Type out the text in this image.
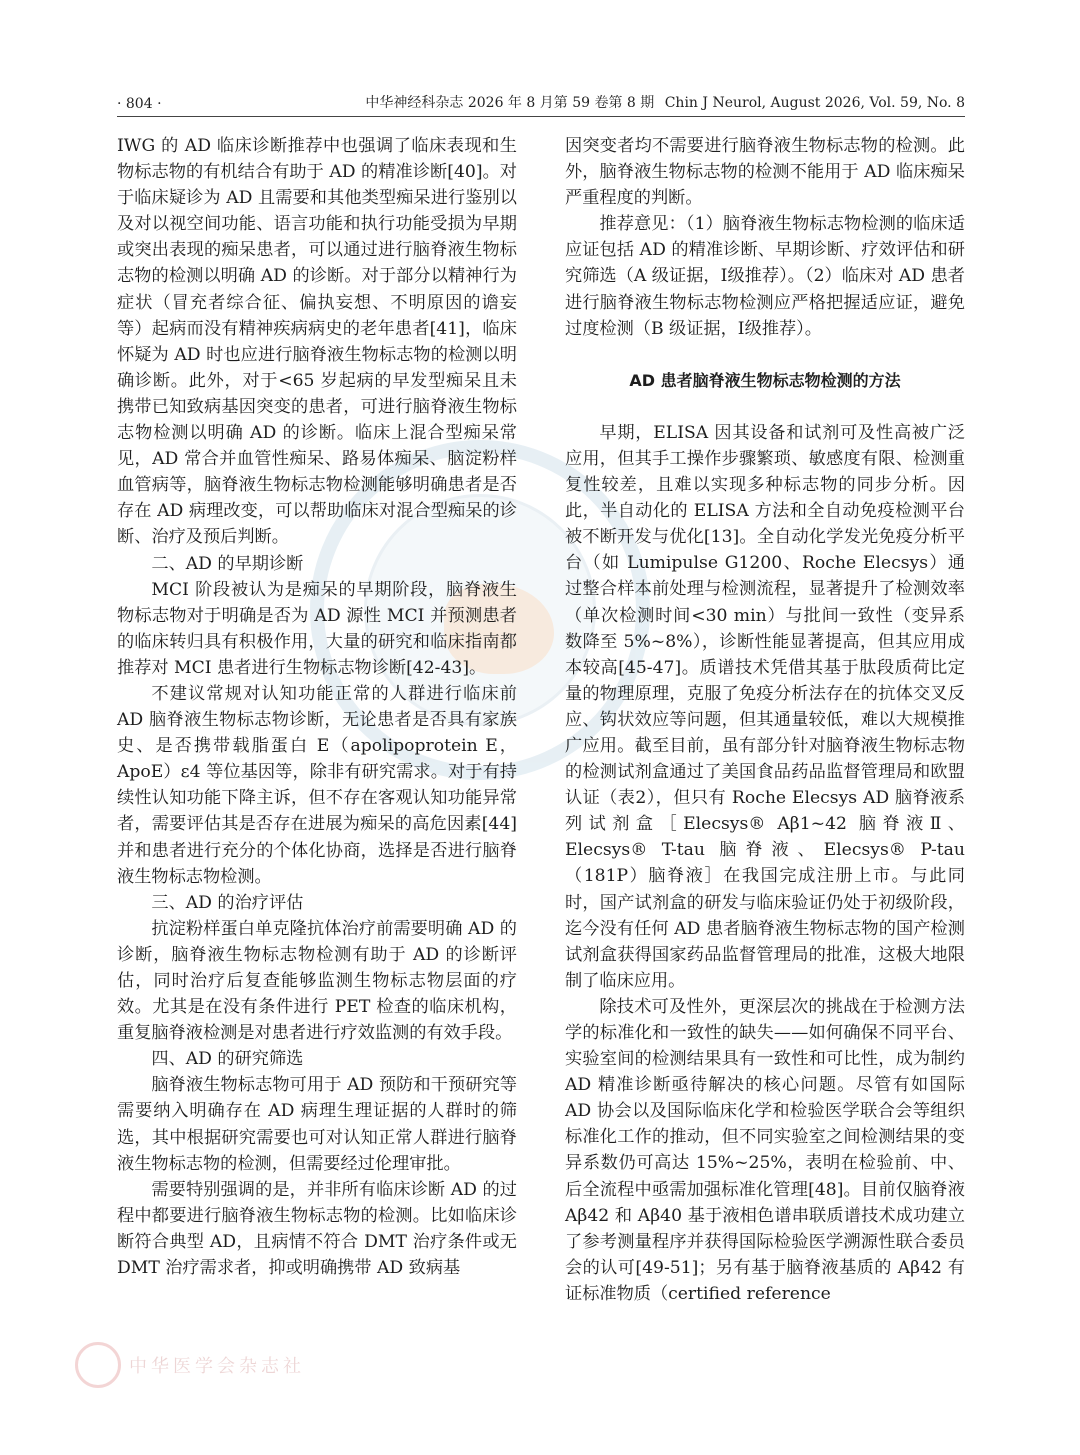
· 804 ·	中华神经科杂志 2026 年 8 月第 59 卷第 8 期 Chin J Neurol, August 2026, Vol. 59, No. 8

IWG 的 AD 临床诊断推荐中也强调了临床表现和生物标志物的有机结合有助于 AD 的精准诊断[40]。对于临床疑诊为 AD 且需要和其他类型痴呆进行鉴别以及对以视空间功能、语言功能和执行功能受损为早期或突出表现的痴呆患者，可以通过进行脑脊液生物标志物的检测以明确 AD 的诊断。对于部分以精神行为症状（冒充者综合征、偏执妄想、不明原因的谵妄等）起病而没有精神疾病病史的老年患者[41]，临床怀疑为 AD 时也应进行脑脊液生物标志物的检测以明确诊断。此外，对于<65 岁起病的早发型痴呆且未携带已知致病基因突变的患者，可进行脑脊液生物标志物检测以明确 AD 的诊断。临床上混合型痴呆常见，AD 常合并血管性痴呆、路易体痴呆、脑淀粉样血管病等，脑脊液生物标志物检测能够明确患者是否存在 AD 病理改变，可以帮助临床对混合型痴呆的诊断、治疗及预后判断。

二、AD 的早期诊断

MCI 阶段被认为是痴呆的早期阶段，脑脊液生物标志物对于明确是否为 AD 源性 MCI 并预测患者的临床转归具有积极作用，大量的研究和临床指南都推荐对 MCI 患者进行生物标志物诊断[42-43]。

不建议常规对认知功能正常的人群进行临床前 AD 脑脊液生物标志物诊断，无论患者是否具有家族史、是否携带载脂蛋白 E（apolipoprotein E，ApoE）ε4 等位基因等，除非有研究需求。对于有持续性认知功能下降主诉，但不存在客观认知功能异常者，需要评估其是否存在进展为痴呆的高危因素[44]并和患者进行充分的个体化协商，选择是否进行脑脊液生物标志物检测。

三、AD 的治疗评估

抗淀粉样蛋白单克隆抗体治疗前需要明确 AD 的诊断，脑脊液生物标志物检测有助于 AD 的诊断评估，同时治疗后复查能够监测生物标志物层面的疗效。尤其是在没有条件进行 PET 检查的临床机构，重复脑脊液检测是对患者进行疗效监测的有效手段。

四、AD 的研究筛选

脑脊液生物标志物可用于 AD 预防和干预研究等需要纳入明确存在 AD 病理生理证据的人群时的筛选，其中根据研究需要也可对认知正常人群进行脑脊液生物标志物的检测，但需要经过伦理审批。

需要特别强调的是，并非所有临床诊断 AD 的过程中都要进行脑脊液生物标志物的检测。比如临床诊断符合典型 AD，且病情不符合 DMT 治疗条件或无 DMT 治疗需求者，抑或明确携带 AD 致病基

因突变者均不需要进行脑脊液生物标志物的检测。此外，脑脊液生物标志物的检测不能用于 AD 临床痴呆严重程度的判断。

推荐意见：（1）脑脊液生物标志物检测的临床适应证包括 AD 的精准诊断、早期诊断、疗效评估和研究筛选（A 级证据，Ⅰ级推荐）。（2）临床对 AD 患者进行脑脊液生物标志物检测应严格把握适应证，避免过度检测（B 级证据，Ⅰ级推荐）。

AD 患者脑脊液生物标志物检测的方法

早期，ELISA 因其设备和试剂可及性高被广泛应用，但其手工操作步骤繁琐、敏感度有限、检测重复性较差，且难以实现多种标志物的同步分析。因此，半自动化的 ELISA 方法和全自动免疫检测平台被不断开发与优化[13]。全自动化学发光免疫分析平台（如 Lumipulse G1200、Roche Elecsys）通过整合样本前处理与检测流程，显著提升了检测效率（单次检测时间<30 min）与批间一致性（变异系数降至 5%~8%），诊断性能显著提高，但其应用成本较高[45-47]。质谱技术凭借其基于肽段质荷比定量的物理原理，克服了免疫分析法存在的抗体交叉反应、钩状效应等问题，但其通量较低，难以大规模推广应用。截至目前，虽有部分针对脑脊液生物标志物的检测试剂盒通过了美国食品药品监督管理局和欧盟认证（表2），但只有 Roche Elecsys AD 脑脊液系列试剂盒［Elecsys® Aβ1~42 脑脊液Ⅱ、Elecsys® T-tau 脑脊液、Elecsys® P-tau（181P）脑脊液］在我国完成注册上市。与此同时，国产试剂盒的研发与临床验证仍处于初级阶段，迄今没有任何 AD 患者脑脊液生物标志物的国产检测试剂盒获得国家药品监督管理局的批准，这极大地限制了临床应用。

除技术可及性外，更深层次的挑战在于检测方法学的标准化和一致性的缺失——如何确保不同平台、实验室间的检测结果具有一致性和可比性，成为制约 AD 精准诊断亟待解决的核心问题。尽管有如国际 AD 协会以及国际临床化学和检验医学联合会等组织标准化工作的推动，但不同实验室之间检测结果的变异系数仍可高达 15%~25%，表明在检验前、中、后全流程中亟需加强标准化管理[48]。目前仅脑脊液 Aβ42 和 Aβ40 基于液相色谱串联质谱技术成功建立了参考测量程序并获得国际检验医学溯源性联合委员会的认可[49-51]；另有基于脑脊液基质的 Aβ42 有证标准物质（certified reference

中华医学会杂志社
